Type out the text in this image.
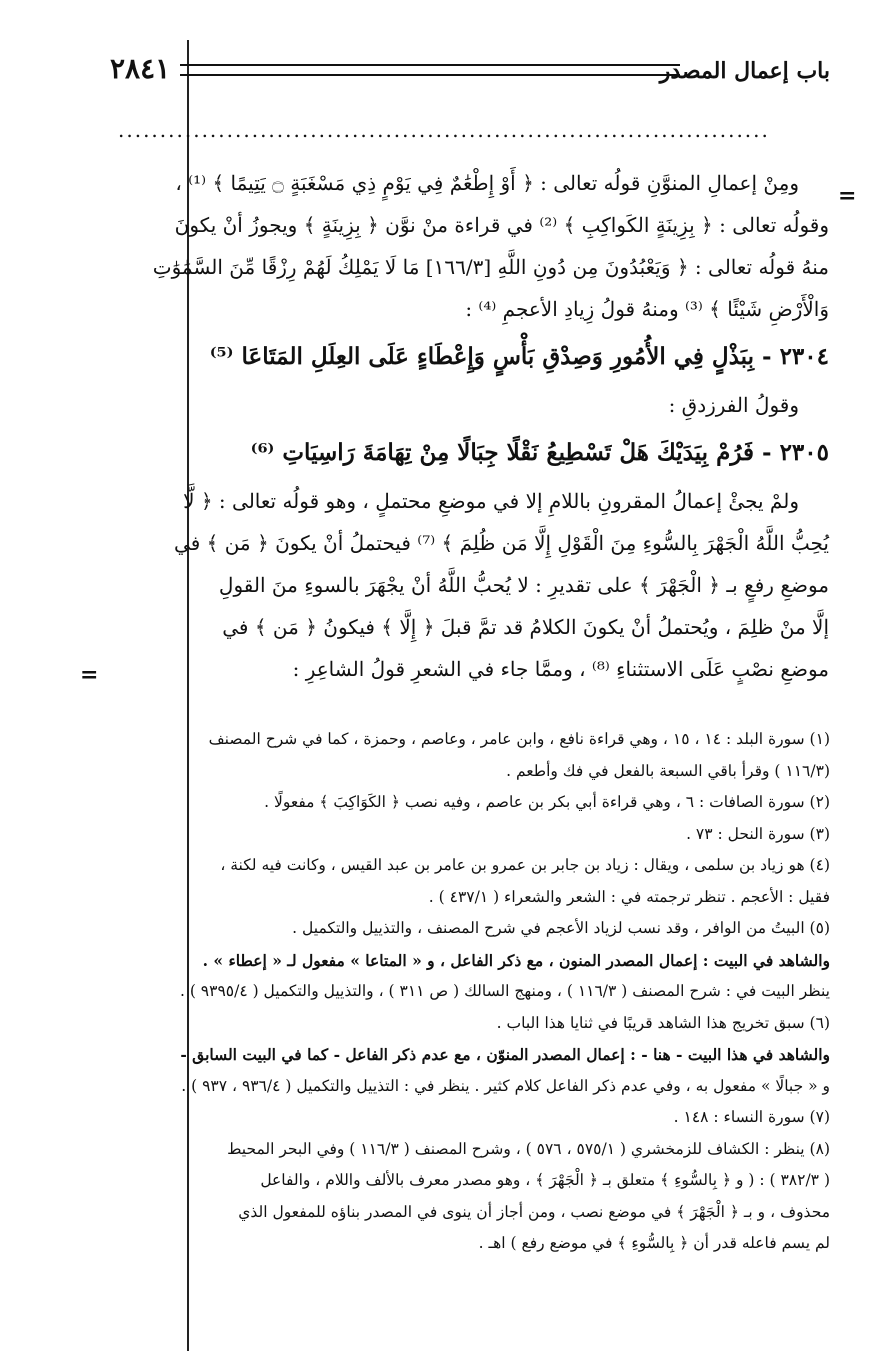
باب إعمال المصدر
٢٨٤١
..............................................................................
=
=

ومِنْ إعمالِ المنوَّنِ قولُه تعالى : ﴿ أَوْ إِطْعَٰمٌ فِي يَوْمٍ ذِي مَسْغَبَةٍ ۝ يَتِيمًا ﴾ ⁽¹⁾ ،

وقولُه تعالى : ﴿ بِزِينَةٍ الكَواكِبِ ﴾ ⁽²⁾ في قراءة منْ نوَّن ﴿ بِزِينَةٍ ﴾ ويجوزُ أنْ يكونَ

منهُ قولُه تعالى : ﴿ وَيَعْبُدُونَ مِن دُونِ اللَّهِ [١٦٦/٣] مَا لَا يَمْلِكُ لَهُمْ رِزْقًا مِّنَ السَّمَٰوَٰتِ

وَالْأَرْضِ شَيْئًا ﴾ ⁽³⁾ ومنهُ قولُ زِيادِ الأعجمِ ⁽⁴⁾ :

٢٣٠٤ - بِبَذْلٍ فِي الأُمُورِ وَصِدْقِ بَأْسٍ وَإِعْطَاءٍ عَلَى العِلَلِ المَتَاعَا ⁽⁵⁾

وقولُ الفرزدقِ :

٢٣٠٥ - فَرُمْ بِيَدَيْكَ هَلْ تَسْطِيعُ نَقْلًا جِبَالًا مِنْ تِهَامَةَ رَاسِيَاتِ ⁽⁶⁾

ولمْ يجئْ إعمالُ المقرونِ باللامِ إلا في موضعِ محتملٍ ، وهو قولُه تعالى : ﴿ لَّا

يُحِبُّ اللَّهُ الْجَهْرَ بِالسُّوءِ مِنَ الْقَوْلِ إِلَّا مَن ظُلِمَ ﴾ ⁽⁷⁾ فيحتملُ أنْ يكونَ ﴿ مَن ﴾ في

موضعِ رفعٍ بـ ﴿ الْجَهْرَ ﴾ على تقديرِ : لا يُحبُّ اللَّهُ أنْ يجْهَرَ بالسوءِ منَ القولِ

إلَّا منْ ظلِمَ ، ويُحتملُ أنْ يكونَ الكلامُ قد تمَّ قبلَ ﴿ إِلَّا ﴾ فيكونُ ﴿ مَن ﴾ في

موضعِ نصْبٍ عَلَى الاستثناءِ ⁽⁸⁾ ، وممَّا جاء في الشعرِ قولُ الشاعِرِ :

(١) سورة البلد : ١٤ ، ١٥ ، وهي قراءة نافع ، وابن عامر ، وعاصم ، وحمزة ، كما في شرح المصنف

(١١٦/٣ ) وقرأ باقي السبعة بالفعل في فك وأطعم .

(٢) سورة الصافات : ٦ ، وهي قراءة أبي بكر بن عاصم ، وفيه نصب ﴿ الكَوَاكِبَ ﴾ مفعولًا .

(٣) سورة النحل : ٧٣ .

(٤) هو زياد بن سلمى ، ويقال : زياد بن جابر بن عمرو بن عامر بن عبد القيس ، وكانت فيه لكنة ،

فقيل : الأعجم . تنظر ترجمته في : الشعر والشعراء ( ٤٣٧/١ ) .

(٥) البيتُ من الوافر ، وقد نسب لزياد الأعجم في شرح المصنف ، والتذييل والتكميل .

والشاهد في البيت : إعمال المصدر المنون ، مع ذكر الفاعل ، و « المتاعا » مفعول لـ « إعطاء » .

ينظر البيت في : شرح المصنف ( ١١٦/٣ ) ، ومنهج السالك ( ص ٣١١ ) ، والتذييل والتكميل ( ٩٣٩٥/٤ ) .

(٦) سبق تخريج هذا الشاهد قريبًا في ثنايا هذا الباب .

والشاهد في هذا البيت - هنا - : إعمال المصدر المنوّن ، مع عدم ذكر الفاعل - كما في البيت السابق -

و « جبالًا » مفعول به ، وفي عدم ذكر الفاعل كلام كثير . ينظر في : التذييل والتكميل ( ٩٣٦/٤ ، ٩٣٧ ) .

(٧) سورة النساء : ١٤٨ .

(٨) ينظر : الكشاف للزمخشري ( ٥٧٥/١ ، ٥٧٦ ) ، وشرح المصنف ( ١١٦/٣ ) وفي البحر المحيط

( ٣٨٢/٣ ) : ( و ﴿ بِالسُّوءِ ﴾ متعلق بـ ﴿ الْجَهْرَ ﴾ ، وهو مصدر معرف بالألف واللام ، والفاعل

محذوف ، و بـ ﴿ الْجَهْرَ ﴾ في موضع نصب ، ومن أجاز أن ينوى في المصدر بناؤه للمفعول الذي

لم يسم فاعله قدر أن ﴿ بِالسُّوءِ ﴾ في موضع رفع ) اهـ .
